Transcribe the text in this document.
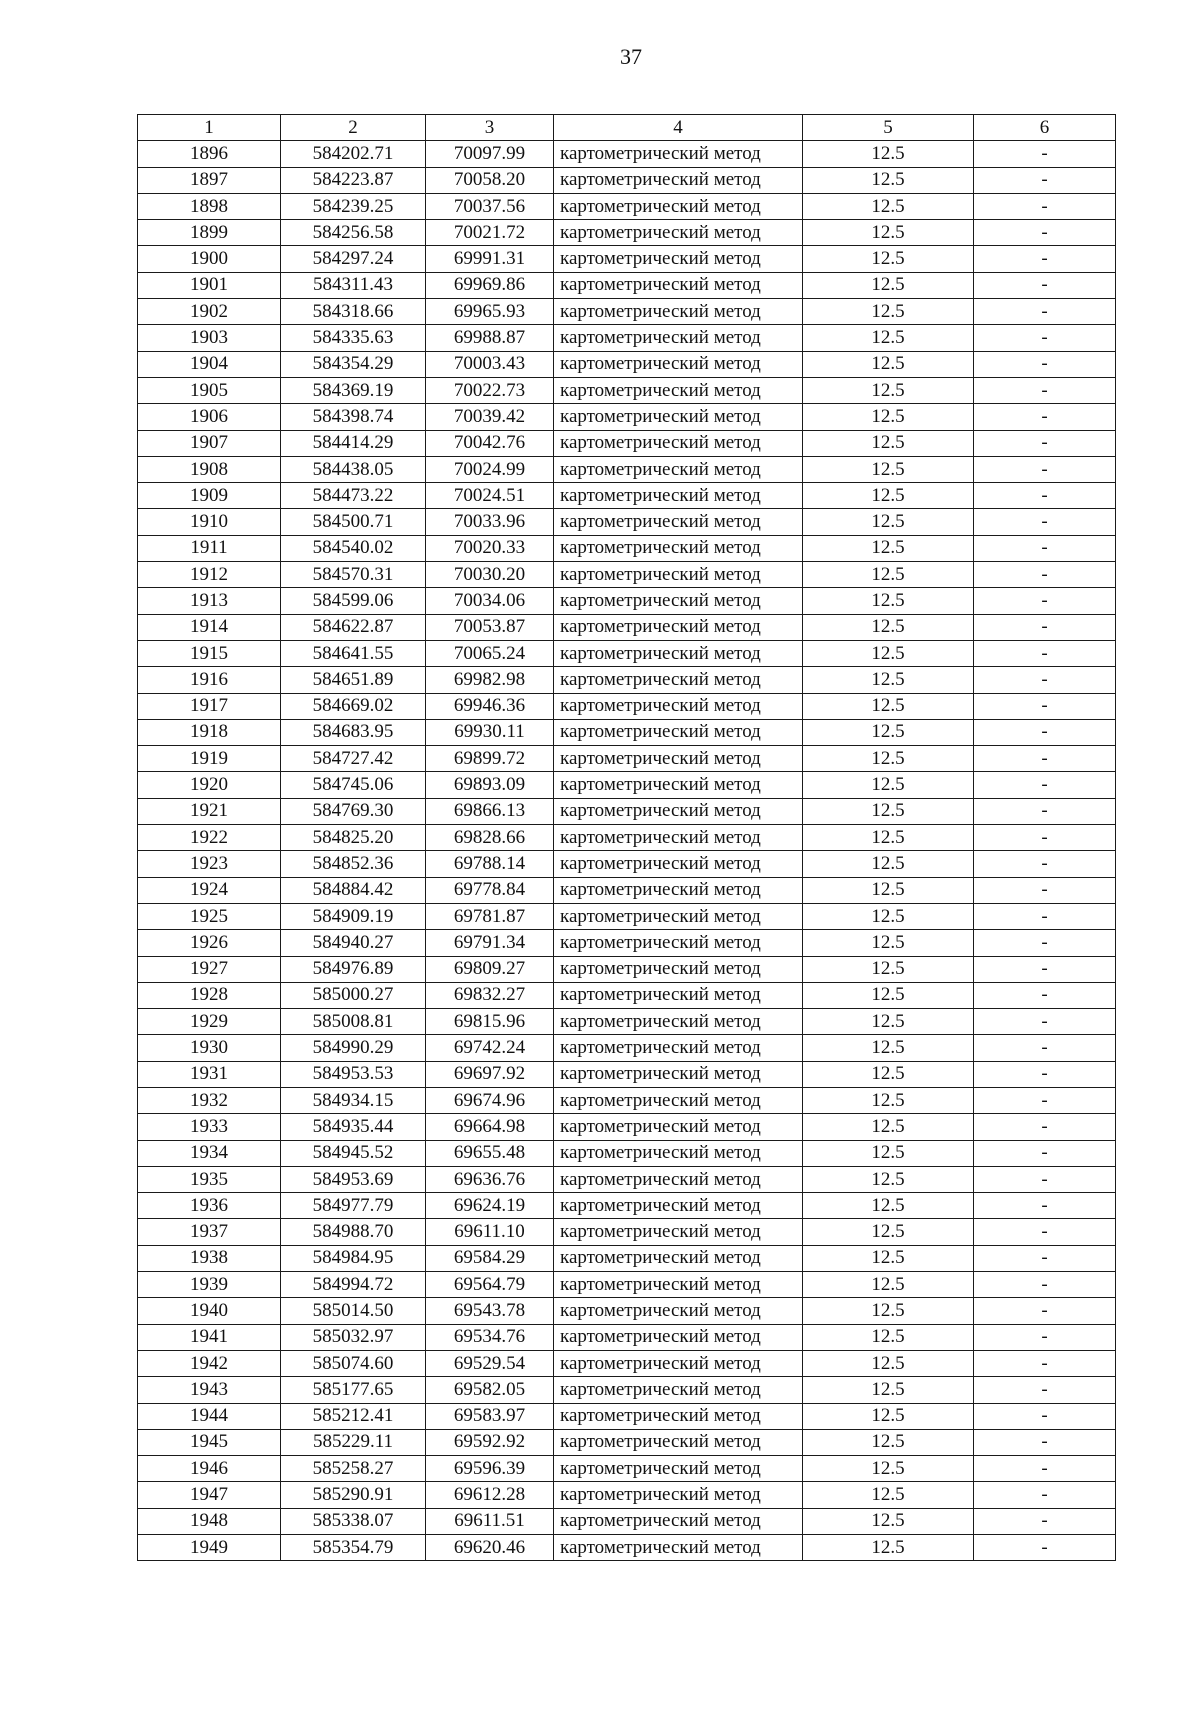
37
1	2	3	4	5	6
1896	584202.71	70097.99	картометрический метод	12.5	-
1897	584223.87	70058.20	картометрический метод	12.5	-
1898	584239.25	70037.56	картометрический метод	12.5	-
1899	584256.58	70021.72	картометрический метод	12.5	-
1900	584297.24	69991.31	картометрический метод	12.5	-
1901	584311.43	69969.86	картометрический метод	12.5	-
1902	584318.66	69965.93	картометрический метод	12.5	-
1903	584335.63	69988.87	картометрический метод	12.5	-
1904	584354.29	70003.43	картометрический метод	12.5	-
1905	584369.19	70022.73	картометрический метод	12.5	-
1906	584398.74	70039.42	картометрический метод	12.5	-
1907	584414.29	70042.76	картометрический метод	12.5	-
1908	584438.05	70024.99	картометрический метод	12.5	-
1909	584473.22	70024.51	картометрический метод	12.5	-
1910	584500.71	70033.96	картометрический метод	12.5	-
1911	584540.02	70020.33	картометрический метод	12.5	-
1912	584570.31	70030.20	картометрический метод	12.5	-
1913	584599.06	70034.06	картометрический метод	12.5	-
1914	584622.87	70053.87	картометрический метод	12.5	-
1915	584641.55	70065.24	картометрический метод	12.5	-
1916	584651.89	69982.98	картометрический метод	12.5	-
1917	584669.02	69946.36	картометрический метод	12.5	-
1918	584683.95	69930.11	картометрический метод	12.5	-
1919	584727.42	69899.72	картометрический метод	12.5	-
1920	584745.06	69893.09	картометрический метод	12.5	-
1921	584769.30	69866.13	картометрический метод	12.5	-
1922	584825.20	69828.66	картометрический метод	12.5	-
1923	584852.36	69788.14	картометрический метод	12.5	-
1924	584884.42	69778.84	картометрический метод	12.5	-
1925	584909.19	69781.87	картометрический метод	12.5	-
1926	584940.27	69791.34	картометрический метод	12.5	-
1927	584976.89	69809.27	картометрический метод	12.5	-
1928	585000.27	69832.27	картометрический метод	12.5	-
1929	585008.81	69815.96	картометрический метод	12.5	-
1930	584990.29	69742.24	картометрический метод	12.5	-
1931	584953.53	69697.92	картометрический метод	12.5	-
1932	584934.15	69674.96	картометрический метод	12.5	-
1933	584935.44	69664.98	картометрический метод	12.5	-
1934	584945.52	69655.48	картометрический метод	12.5	-
1935	584953.69	69636.76	картометрический метод	12.5	-
1936	584977.79	69624.19	картометрический метод	12.5	-
1937	584988.70	69611.10	картометрический метод	12.5	-
1938	584984.95	69584.29	картометрический метод	12.5	-
1939	584994.72	69564.79	картометрический метод	12.5	-
1940	585014.50	69543.78	картометрический метод	12.5	-
1941	585032.97	69534.76	картометрический метод	12.5	-
1942	585074.60	69529.54	картометрический метод	12.5	-
1943	585177.65	69582.05	картометрический метод	12.5	-
1944	585212.41	69583.97	картометрический метод	12.5	-
1945	585229.11	69592.92	картометрический метод	12.5	-
1946	585258.27	69596.39	картометрический метод	12.5	-
1947	585290.91	69612.28	картометрический метод	12.5	-
1948	585338.07	69611.51	картометрический метод	12.5	-
1949	585354.79	69620.46	картометрический метод	12.5	-
